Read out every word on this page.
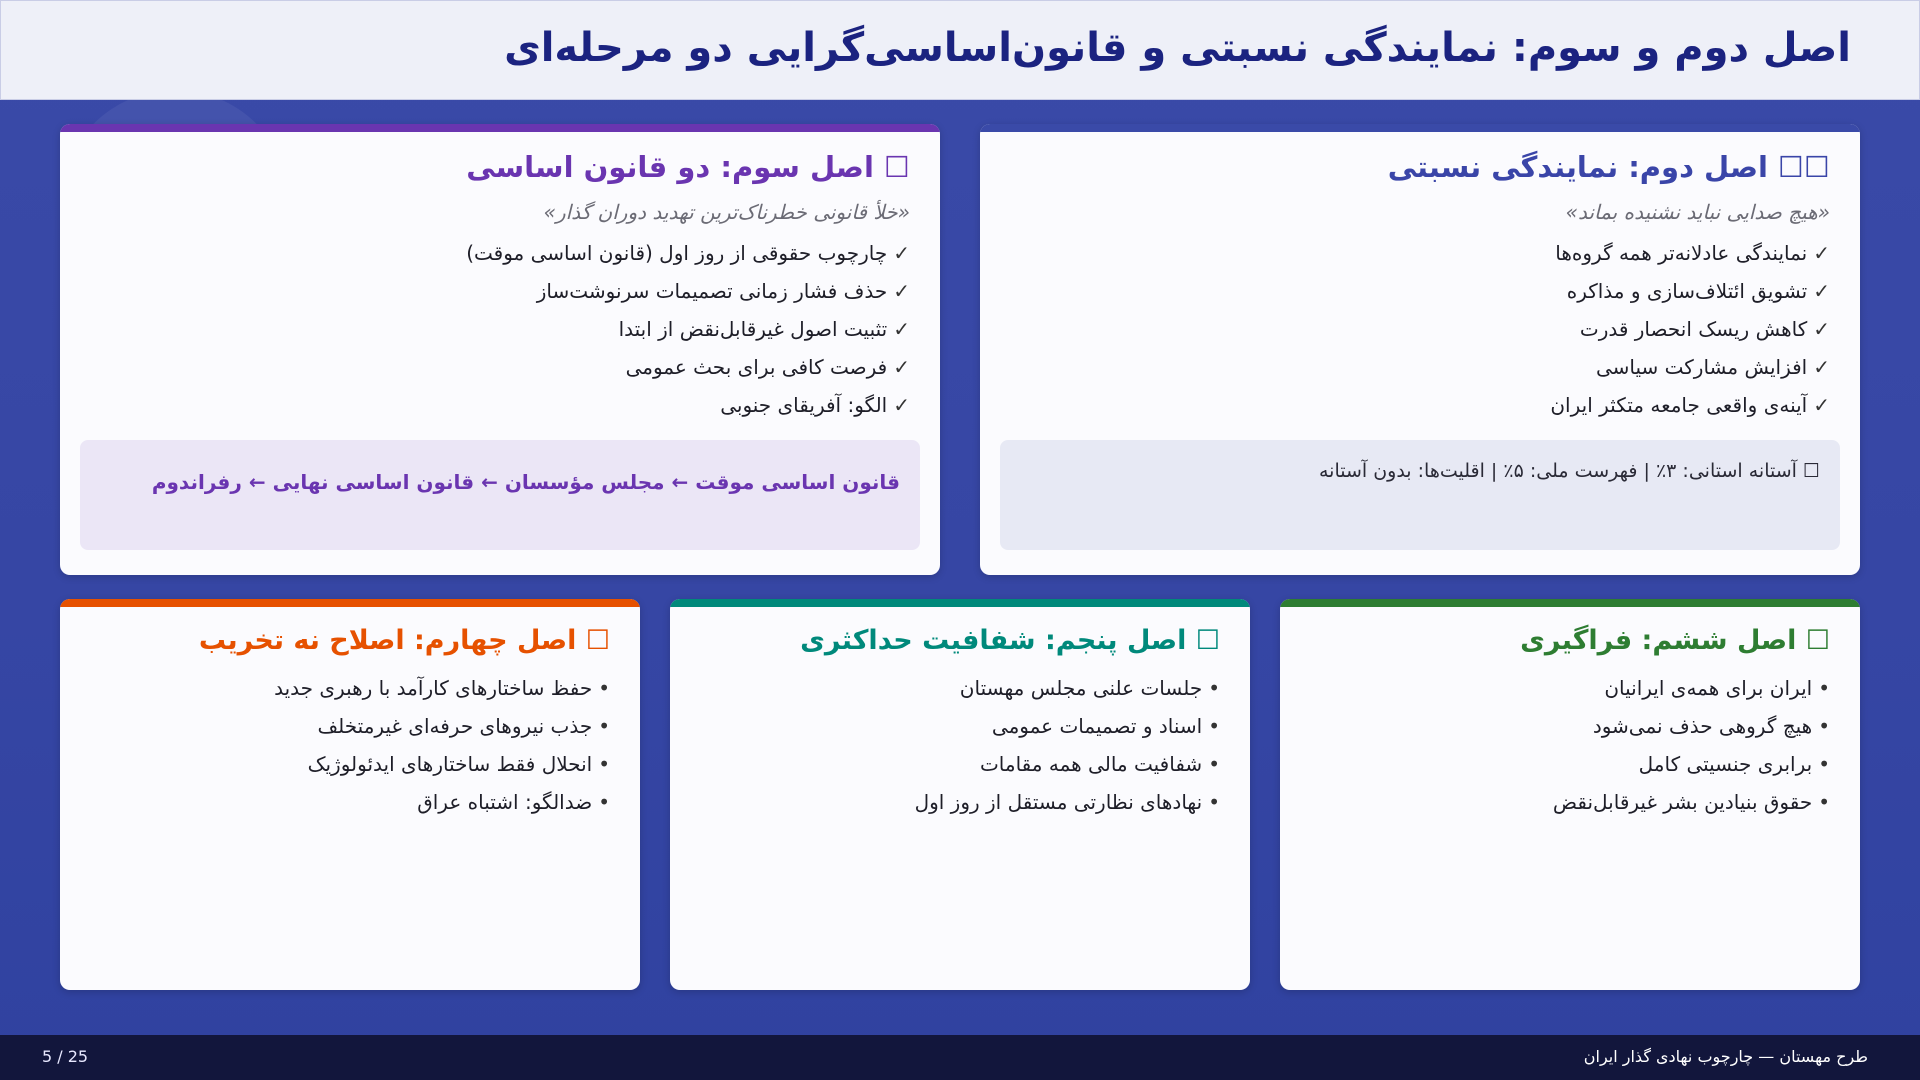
اصل دوم و سوم: نمایندگی نسبتی و قانون‌اساسی‌گرایی دو مرحله‌ای
☐☐ اصل دوم: نمایندگی نسبتی
«هیچ صدایی نباید نشنیده بماند»
✓نمایندگی عادلانه‌تر همه گروه‌ها
✓تشویق ائتلاف‌سازی و مذاکره
✓کاهش ریسک انحصار قدرت
✓افزایش مشارکت سیاسی
✓آینه‌ی واقعی جامعه متکثر ایران
☐ آستانه استانی: ۳٪ | فهرست ملی: ۵٪ | اقلیت‌ها: بدون آستانه
☐ اصل سوم: دو قانون اساسی
«خلأ قانونی خطرناک‌ترین تهدید دوران گذار»
✓چارچوب حقوقی از روز اول (قانون اساسی موقت)
✓حذف فشار زمانی تصمیمات سرنوشت‌ساز
✓تثبیت اصول غیرقابل‌نقض از ابتدا
✓فرصت کافی برای بحث عمومی
✓الگو: آفریقای جنوبی
قانون اساسی موقت ← مجلس مؤسسان ← قانون اساسی نهایی ← رفراندوم
☐ اصل ششم: فراگیری
•ایران برای همه‌ی ایرانیان
•هیچ گروهی حذف نمی‌شود
•برابری جنسیتی کامل
•حقوق بنیادین بشر غیرقابل‌نقض
☐ اصل پنجم: شفافیت حداکثری
•جلسات علنی مجلس مهستان
•اسناد و تصمیمات عمومی
•شفافیت مالی همه مقامات
•نهادهای نظارتی مستقل از روز اول
☐ اصل چهارم: اصلاح نه تخریب
•حفظ ساختارهای کارآمد با رهبری جدید
•جذب نیروهای حرفه‌ای غیرمتخلف
•انحلال فقط ساختارهای ایدئولوژیک
•ضدالگو: اشتباه عراق
طرح مهستان — چارچوب نهادی گذار ایران
5 / 25
